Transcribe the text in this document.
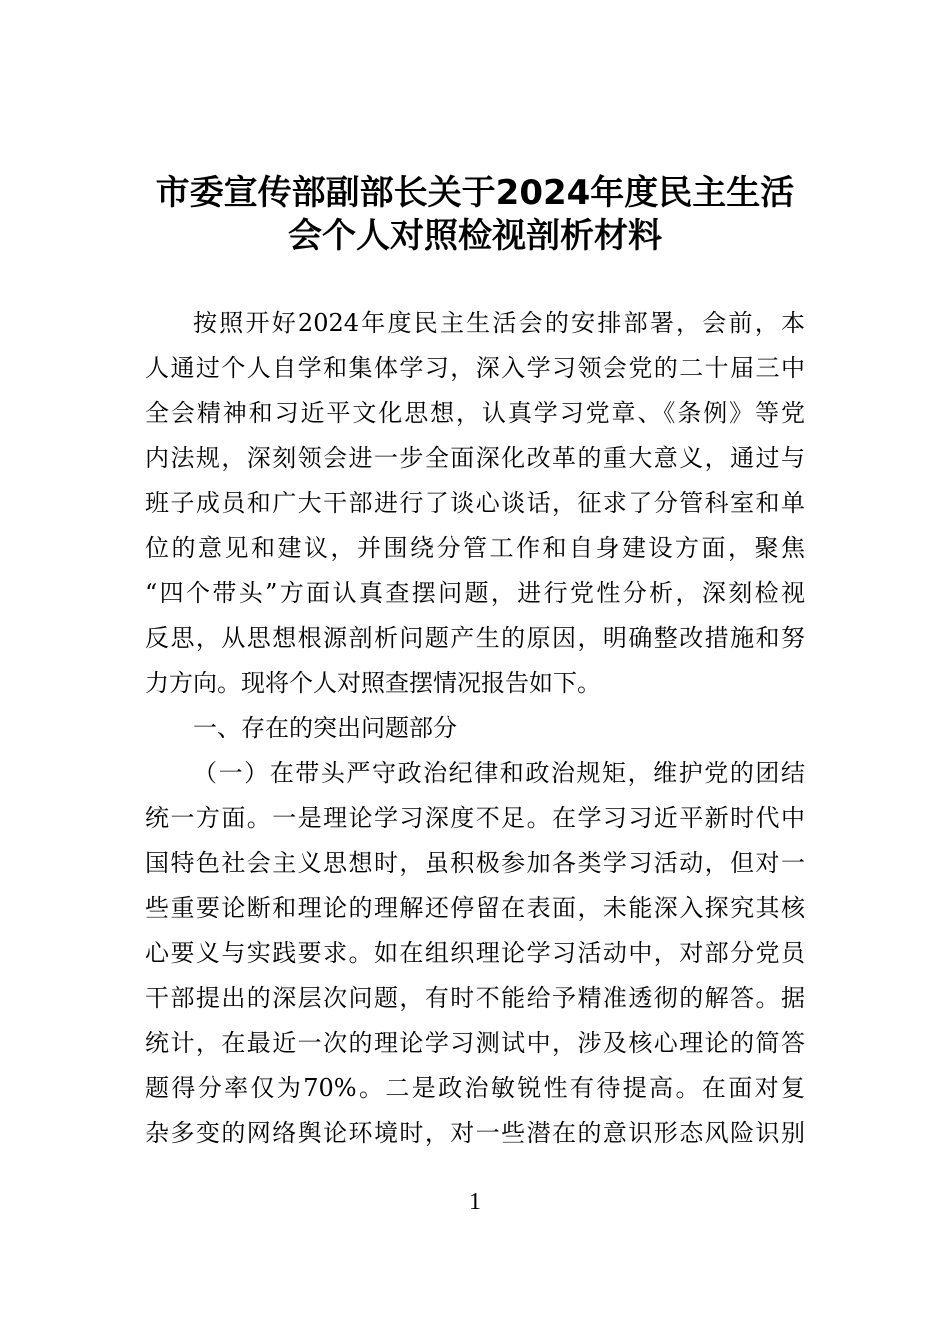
市委宣传部副部长关于2024年度民主生活
会个人对照检视剖析材料
按照开好2024年度民主生活会的安排部署，会前，本
人通过个人自学和集体学习，深入学习领会党的二十届三中
全会精神和习近平文化思想，认真学习党章、《条例》等党
内法规，深刻领会进一步全面深化改革的重大意义，通过与
班子成员和广大干部进行了谈心谈话，征求了分管科室和单
位的意见和建议，并围绕分管工作和自身建设方面，聚焦
“四个带头”方面认真查摆问题，进行党性分析，深刻检视
反思，从思想根源剖析问题产生的原因，明确整改措施和努
力方向。现将个人对照查摆情况报告如下。
一、存在的突出问题部分
（一）在带头严守政治纪律和政治规矩，维护党的团结
统一方面。一是理论学习深度不足。在学习习近平新时代中
国特色社会主义思想时，虽积极参加各类学习活动，但对一
些重要论断和理论的理解还停留在表面，未能深入探究其核
心要义与实践要求。如在组织理论学习活动中，对部分党员
干部提出的深层次问题，有时不能给予精准透彻的解答。据
统计，在最近一次的理论学习测试中，涉及核心理论的简答
题得分率仅为70%。二是政治敏锐性有待提高。在面对复
杂多变的网络舆论环境时，对一些潜在的意识形态风险识别
1
